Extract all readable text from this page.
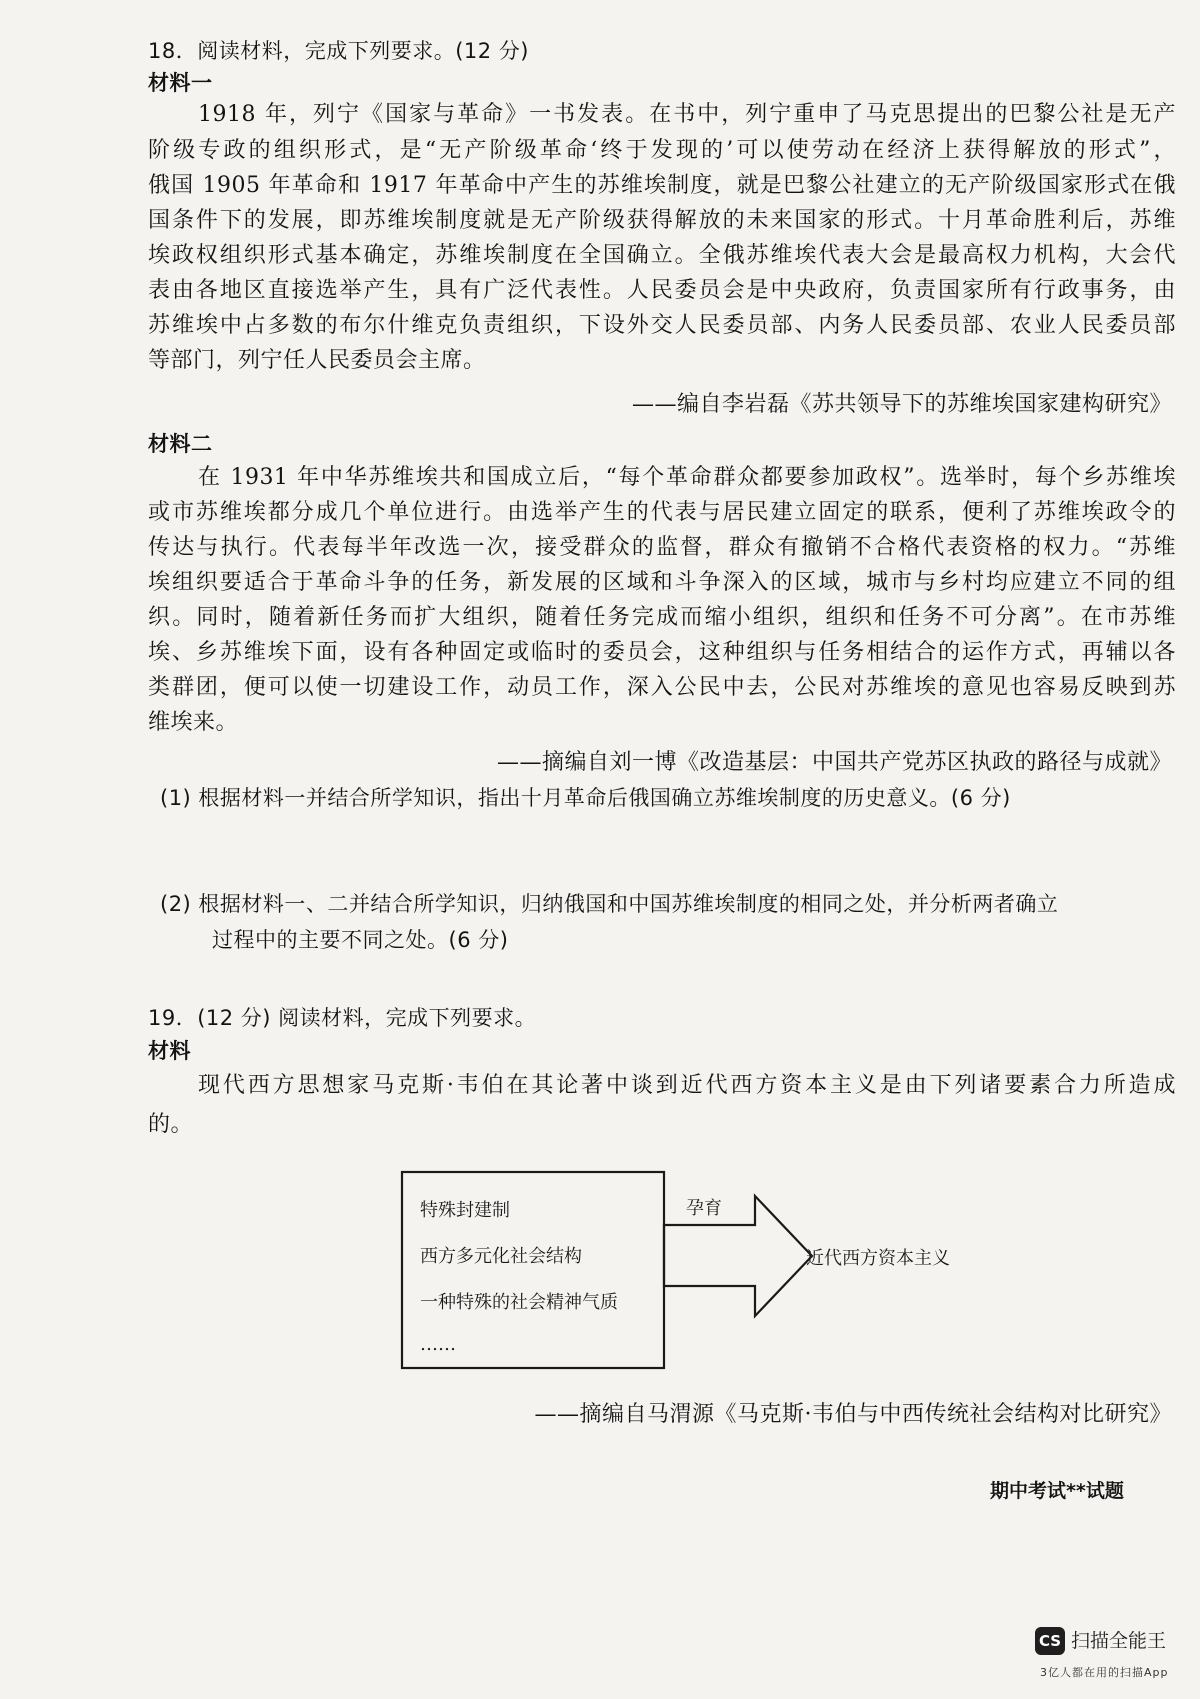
18．阅读材料，完成下列要求。(12 分)
材料一
1918 年，列宁《国家与革命》一书发表。在书中，列宁重申了马克思提出的巴黎公社是无产
阶级专政的组织形式，是“无产阶级革命‘终于发现的’可以使劳动在经济上获得解放的形式”，
俄国 1905 年革命和 1917 年革命中产生的苏维埃制度，就是巴黎公社建立的无产阶级国家形式在俄
国条件下的发展，即苏维埃制度就是无产阶级获得解放的未来国家的形式。十月革命胜利后，苏维
埃政权组织形式基本确定，苏维埃制度在全国确立。全俄苏维埃代表大会是最高权力机构，大会代
表由各地区直接选举产生，具有广泛代表性。人民委员会是中央政府，负责国家所有行政事务，由
苏维埃中占多数的布尔什维克负责组织，下设外交人民委员部、内务人民委员部、农业人民委员部
等部门，列宁任人民委员会主席。
——编自李岩磊《苏共领导下的苏维埃国家建构研究》
材料二
在 1931 年中华苏维埃共和国成立后，“每个革命群众都要参加政权”。选举时，每个乡苏维埃
或市苏维埃都分成几个单位进行。由选举产生的代表与居民建立固定的联系，便利了苏维埃政令的
传达与执行。代表每半年改选一次，接受群众的监督，群众有撤销不合格代表资格的权力。“苏维
埃组织要适合于革命斗争的任务，新发展的区域和斗争深入的区域，城市与乡村均应建立不同的组
织。同时，随着新任务而扩大组织，随着任务完成而缩小组织，组织和任务不可分离”。在市苏维
埃、乡苏维埃下面，设有各种固定或临时的委员会，这种组织与任务相结合的运作方式，再辅以各
类群团，便可以使一切建设工作，动员工作，深入公民中去，公民对苏维埃的意见也容易反映到苏
维埃来。
——摘编自刘一博《改造基层：中国共产党苏区执政的路径与成就》
(1) 根据材料一并结合所学知识，指出十月革命后俄国确立苏维埃制度的历史意义。(6 分)
(2) 根据材料一、二并结合所学知识，归纳俄国和中国苏维埃制度的相同之处，并分析两者确立
过程中的主要不同之处。(6 分)
19．(12 分) 阅读材料，完成下列要求。
材料
现代西方思想家马克斯·韦伯在其论著中谈到近代西方资本主义是由下列诸要素合力所造成
的。
特殊封建制
西方多元化社会结构
一种特殊的社会精神气质
……
孕育
近代西方资本主义
——摘编自马渭源《马克斯·韦伯与中西传统社会结构对比研究》
期中考试**试题
CS 扫描全能王
3亿人都在用的扫描App
